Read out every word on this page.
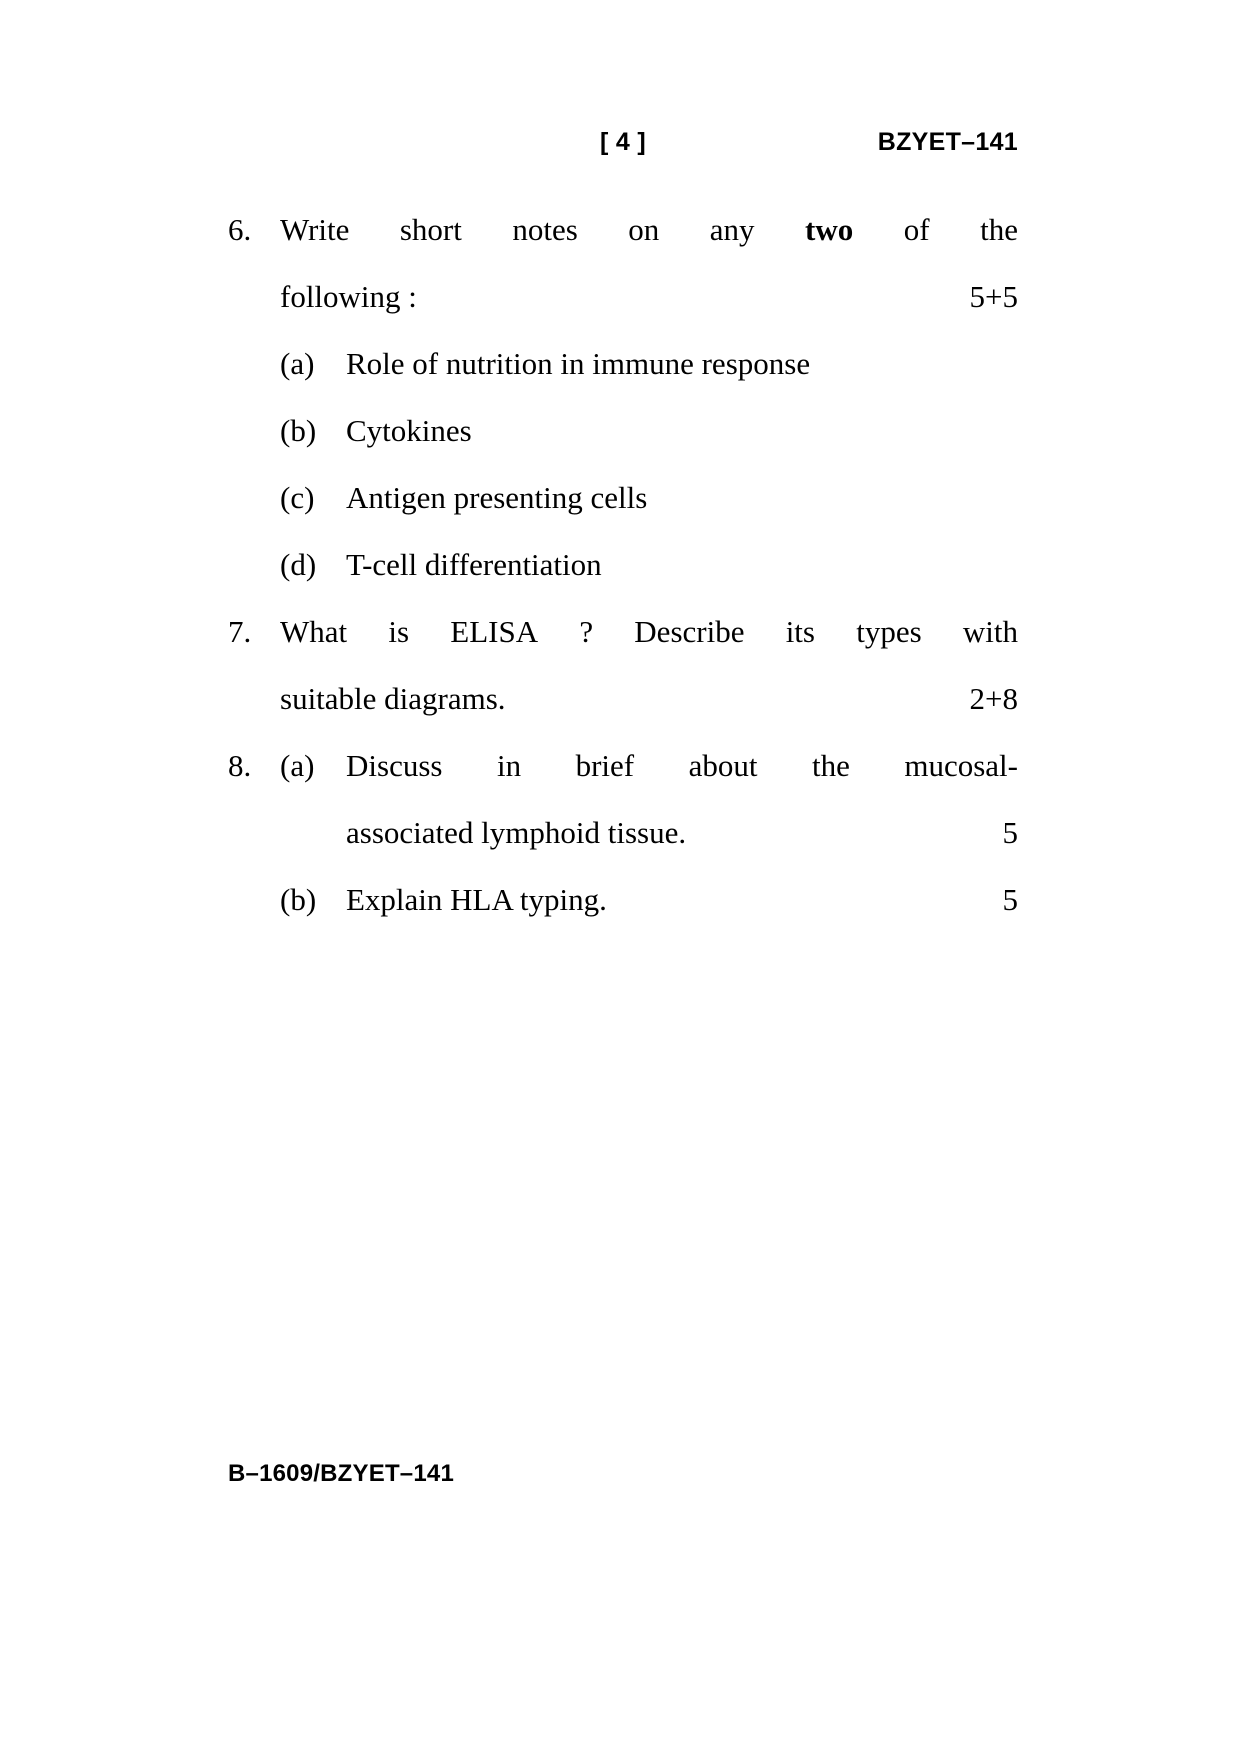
[ 4 ]	BZYET–141
6. Write short notes on any two of the
following :	5+5
(a)	Role of nutrition in immune response
(b) Cytokines
(c)	Antigen presenting cells
(d) T-cell differentiation
7. What is ELISA ? Describe its types with
suitable diagrams.	2+8
8. (a)	Discuss in brief about the mucosal-
associated lymphoid tissue.	5
(b) Explain HLA typing.	5
B–1609/BZYET–141
